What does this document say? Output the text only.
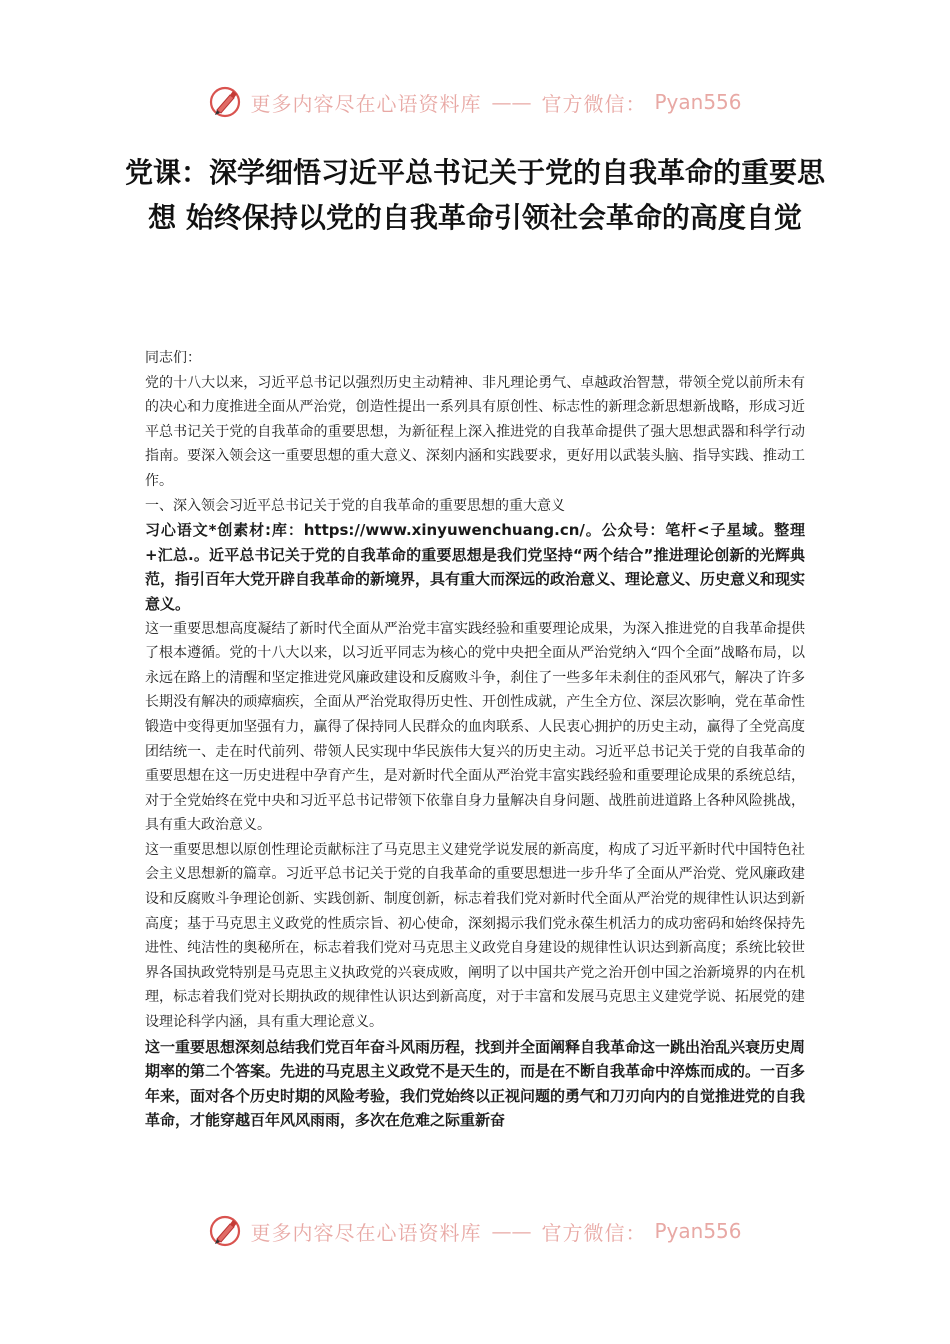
更多内容尽在心语资料库 —— 官方微信： Pyan556
党课：深学细悟习近平总书记关于党的自我革命的重要思想 始终保持以党的自我革命引领社会革命的高度自觉

同志们：

党的十八大以来，习近平总书记以强烈历史主动精神、非凡理论勇气、卓越政治智慧，带领全党以前所未有的决心和力度推进全面从严治党，创造性提出一系列具有原创性、标志性的新理念新思想新战略，形成习近平总书记关于党的自我革命的重要思想，为新征程上深入推进党的自我革命提供了强大思想武器和科学行动指南。要深入领会这一重要思想的重大意义、深刻内涵和实践要求，更好用以武装头脑、指导实践、推动工作。

一、深入领会习近平总书记关于党的自我革命的重要思想的重大意义

习心语文*创素材:库：https://www.xinyuwenchuang.cn/。公众号：笔杆<子星域。整理+汇总.。近平总书记关于党的自我革命的重要思想是我们党坚持“两个结合”推进理论创新的光辉典范，指引百年大党开辟自我革命的新境界，具有重大而深远的政治意义、理论意义、历史意义和现实意义。

这一重要思想高度凝结了新时代全面从严治党丰富实践经验和重要理论成果，为深入推进党的自我革命提供了根本遵循。党的十八大以来，以习近平同志为核心的党中央把全面从严治党纳入“四个全面”战略布局，以永远在路上的清醒和坚定推进党风廉政建设和反腐败斗争，刹住了一些多年未刹住的歪风邪气，解决了许多长期没有解决的顽瘴痼疾，全面从严治党取得历史性、开创性成就，产生全方位、深层次影响，党在革命性锻造中变得更加坚强有力，赢得了保持同人民群众的血肉联系、人民衷心拥护的历史主动，赢得了全党高度团结统一、走在时代前列、带领人民实现中华民族伟大复兴的历史主动。习近平总书记关于党的自我革命的重要思想在这一历史进程中孕育产生，是对新时代全面从严治党丰富实践经验和重要理论成果的系统总结，对于全党始终在党中央和习近平总书记带领下依靠自身力量解决自身问题、战胜前进道路上各种风险挑战，具有重大政治意义。

这一重要思想以原创性理论贡献标注了马克思主义建党学说发展的新高度，构成了习近平新时代中国特色社会主义思想新的篇章。习近平总书记关于党的自我革命的重要思想进一步升华了全面从严治党、党风廉政建设和反腐败斗争理论创新、实践创新、制度创新，标志着我们党对新时代全面从严治党的规律性认识达到新高度；基于马克思主义政党的性质宗旨、初心使命，深刻揭示我们党永葆生机活力的成功密码和始终保持先进性、纯洁性的奥秘所在，标志着我们党对马克思主义政党自身建设的规律性认识达到新高度；系统比较世界各国执政党特别是马克思主义执政党的兴衰成败，阐明了以中国共产党之治开创中国之治新境界的内在机理，标志着我们党对长期执政的规律性认识达到新高度，对于丰富和发展马克思主义建党学说、拓展党的建设理论科学内涵，具有重大理论意义。

这一重要思想深刻总结我们党百年奋斗风雨历程，找到并全面阐释自我革命这一跳出治乱兴衰历史周期率的第二个答案。先进的马克思主义政党不是天生的，而是在不断自我革命中淬炼而成的。一百多年来，面对各个历史时期的风险考验，我们党始终以正视问题的勇气和刀刃向内的自觉推进党的自我革命，才能穿越百年风风雨雨，多次在危难之际重新奋

更多内容尽在心语资料库 —— 官方微信： Pyan556
